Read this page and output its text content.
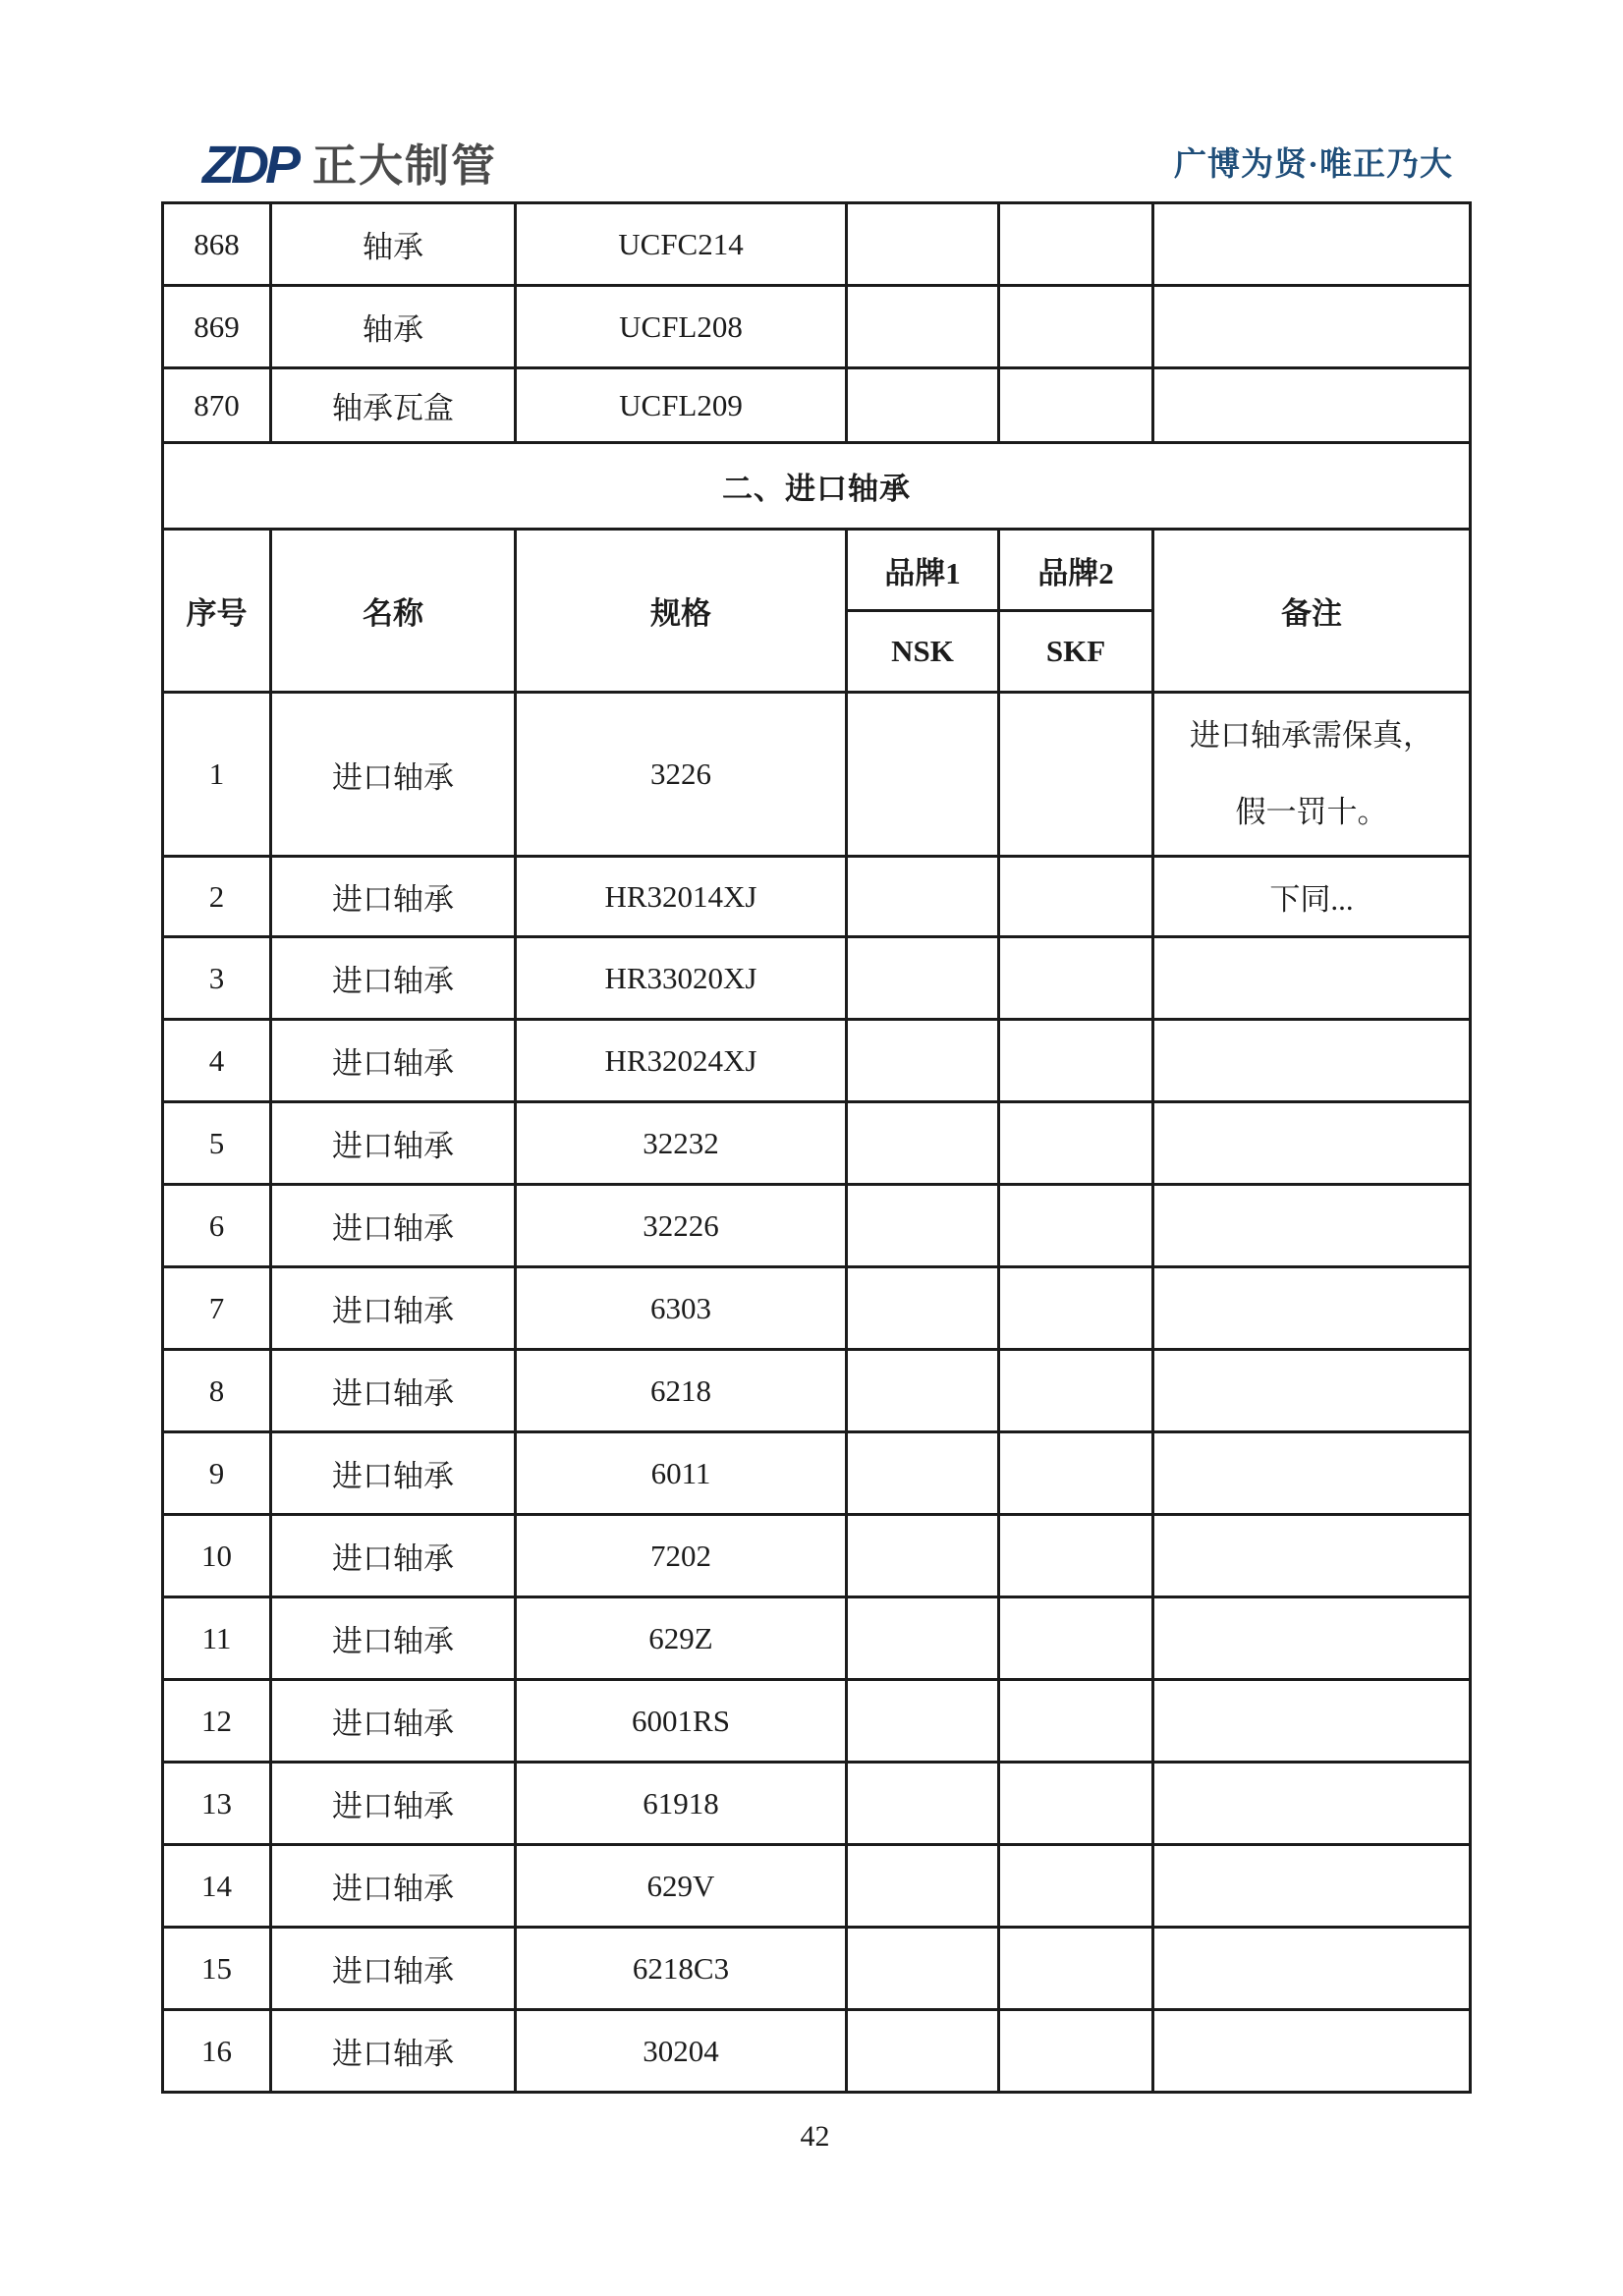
ZDP 正大制管	广博为贤·唯正乃大
868	轴承	UCFC214			
869	轴承	UCFL208			
870	轴承瓦盒	UCFL209			
二、进口轴承					
序号	名称	规格	品牌1	品牌2	备注
			NSK	SKF	
1	进口轴承	3226			进口轴承需保真，
假一罚十。

2	进口轴承	HR32014XJ			下同...
3	进口轴承	HR33020XJ			
4	进口轴承	HR32024XJ			
5	进口轴承	32232			
6	进口轴承	32226			
7	进口轴承	6303			
8	进口轴承	6218			
9	进口轴承	6011			
10	进口轴承	7202			
11	进口轴承	629Z			
12	进口轴承	6001RS			
13	进口轴承	61918			
14	进口轴承	629V			
15	进口轴承	6218C3			
16	进口轴承	30204			
42
